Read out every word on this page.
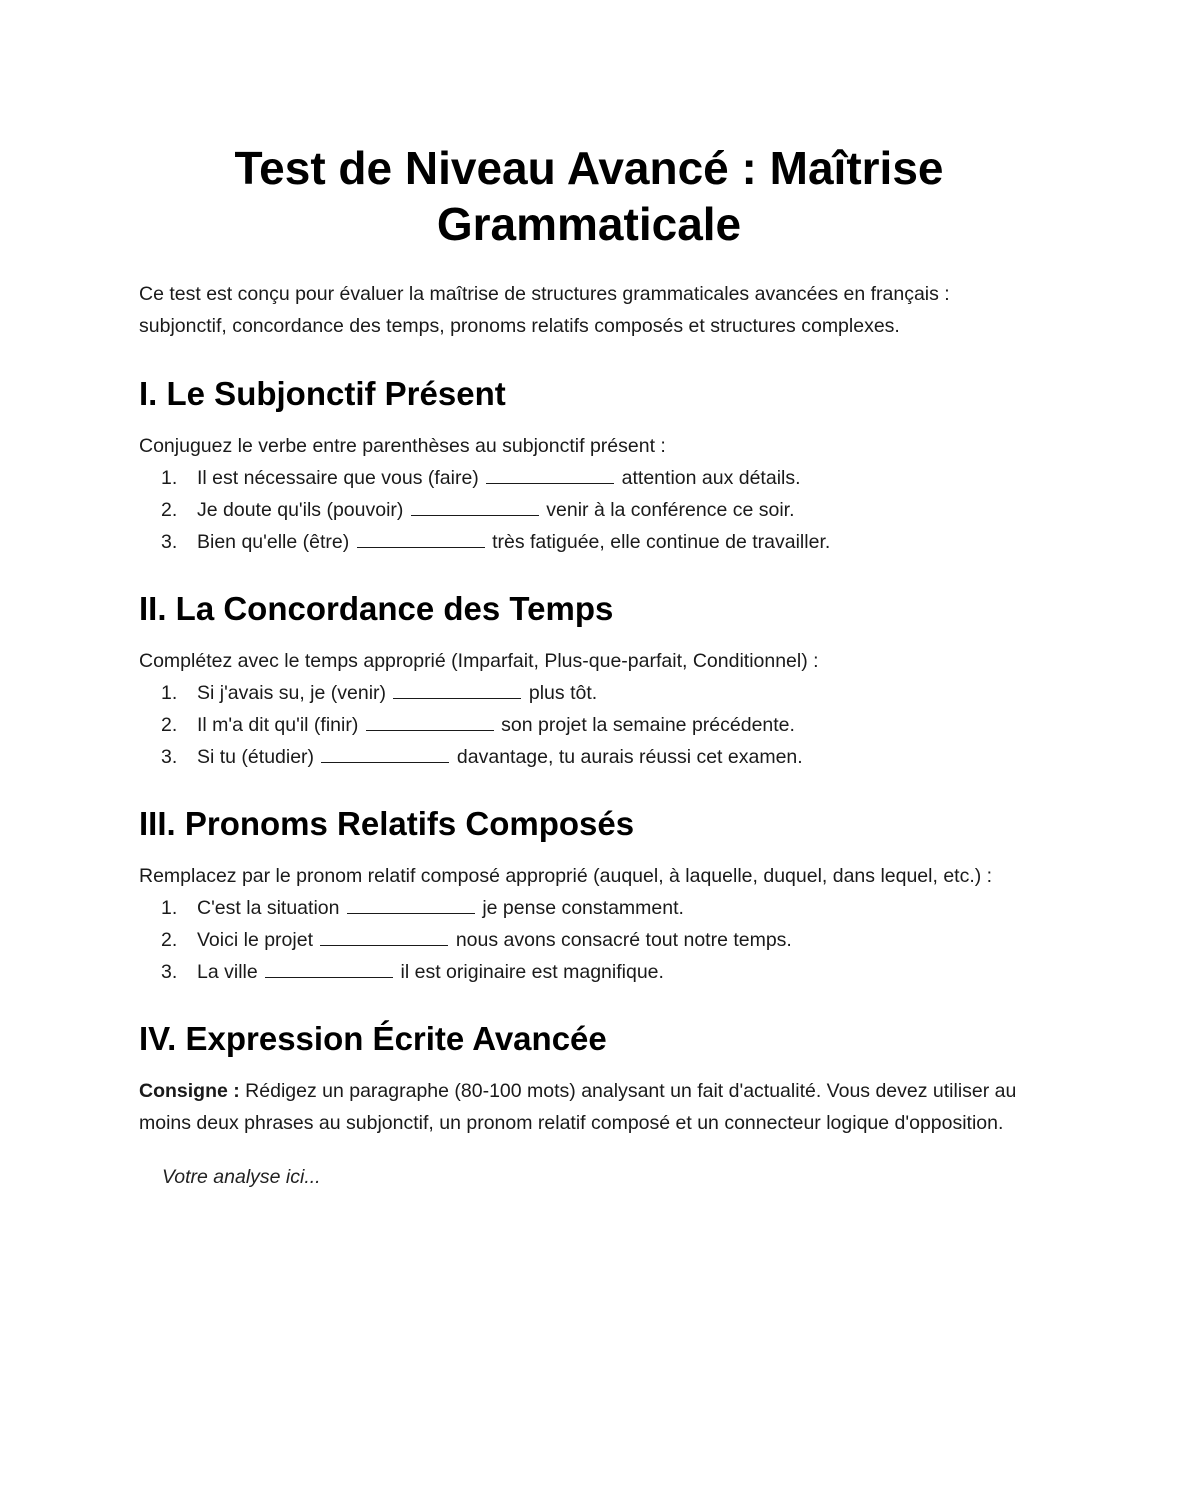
Test de Niveau Avancé : Maîtrise Grammaticale

Ce test est conçu pour évaluer la maîtrise de structures grammaticales avancées en français : subjonctif, concordance des temps, pronoms relatifs composés et structures complexes.

I. Le Subjonctif Présent

Conjuguez le verbe entre parenthèses au subjonctif présent :

1. Il est nécessaire que vous (faire)	attention aux détails.
2. Je doute qu'ils (pouvoir)	venir à la conférence ce soir.
3. Bien qu'elle (être)	très fatiguée, elle continue de travailler.
II. La Concordance des Temps

Complétez avec le temps approprié (Imparfait, Plus-que-parfait, Conditionnel) :

1. Si j'avais su, je (venir)	plus tôt.
2. Il m'a dit qu'il (finir)	son projet la semaine précédente.
3. Si tu (étudier)	davantage, tu aurais réussi cet examen.
III. Pronoms Relatifs Composés

Remplacez par le pronom relatif composé approprié (auquel, à laquelle, duquel, dans lequel, etc.) :

1. C'est la situation	je pense constamment.
2. Voici le projet	nous avons consacré tout notre temps.
3. La ville	il est originaire est magnifique.
IV. Expression Écrite Avancée

Consigne : Rédigez un paragraphe (80-100 mots) analysant un fait d'actualité. Vous devez utiliser au moins deux phrases au subjonctif, un pronom relatif composé et un connecteur logique d'opposition.

Votre analyse ici...
